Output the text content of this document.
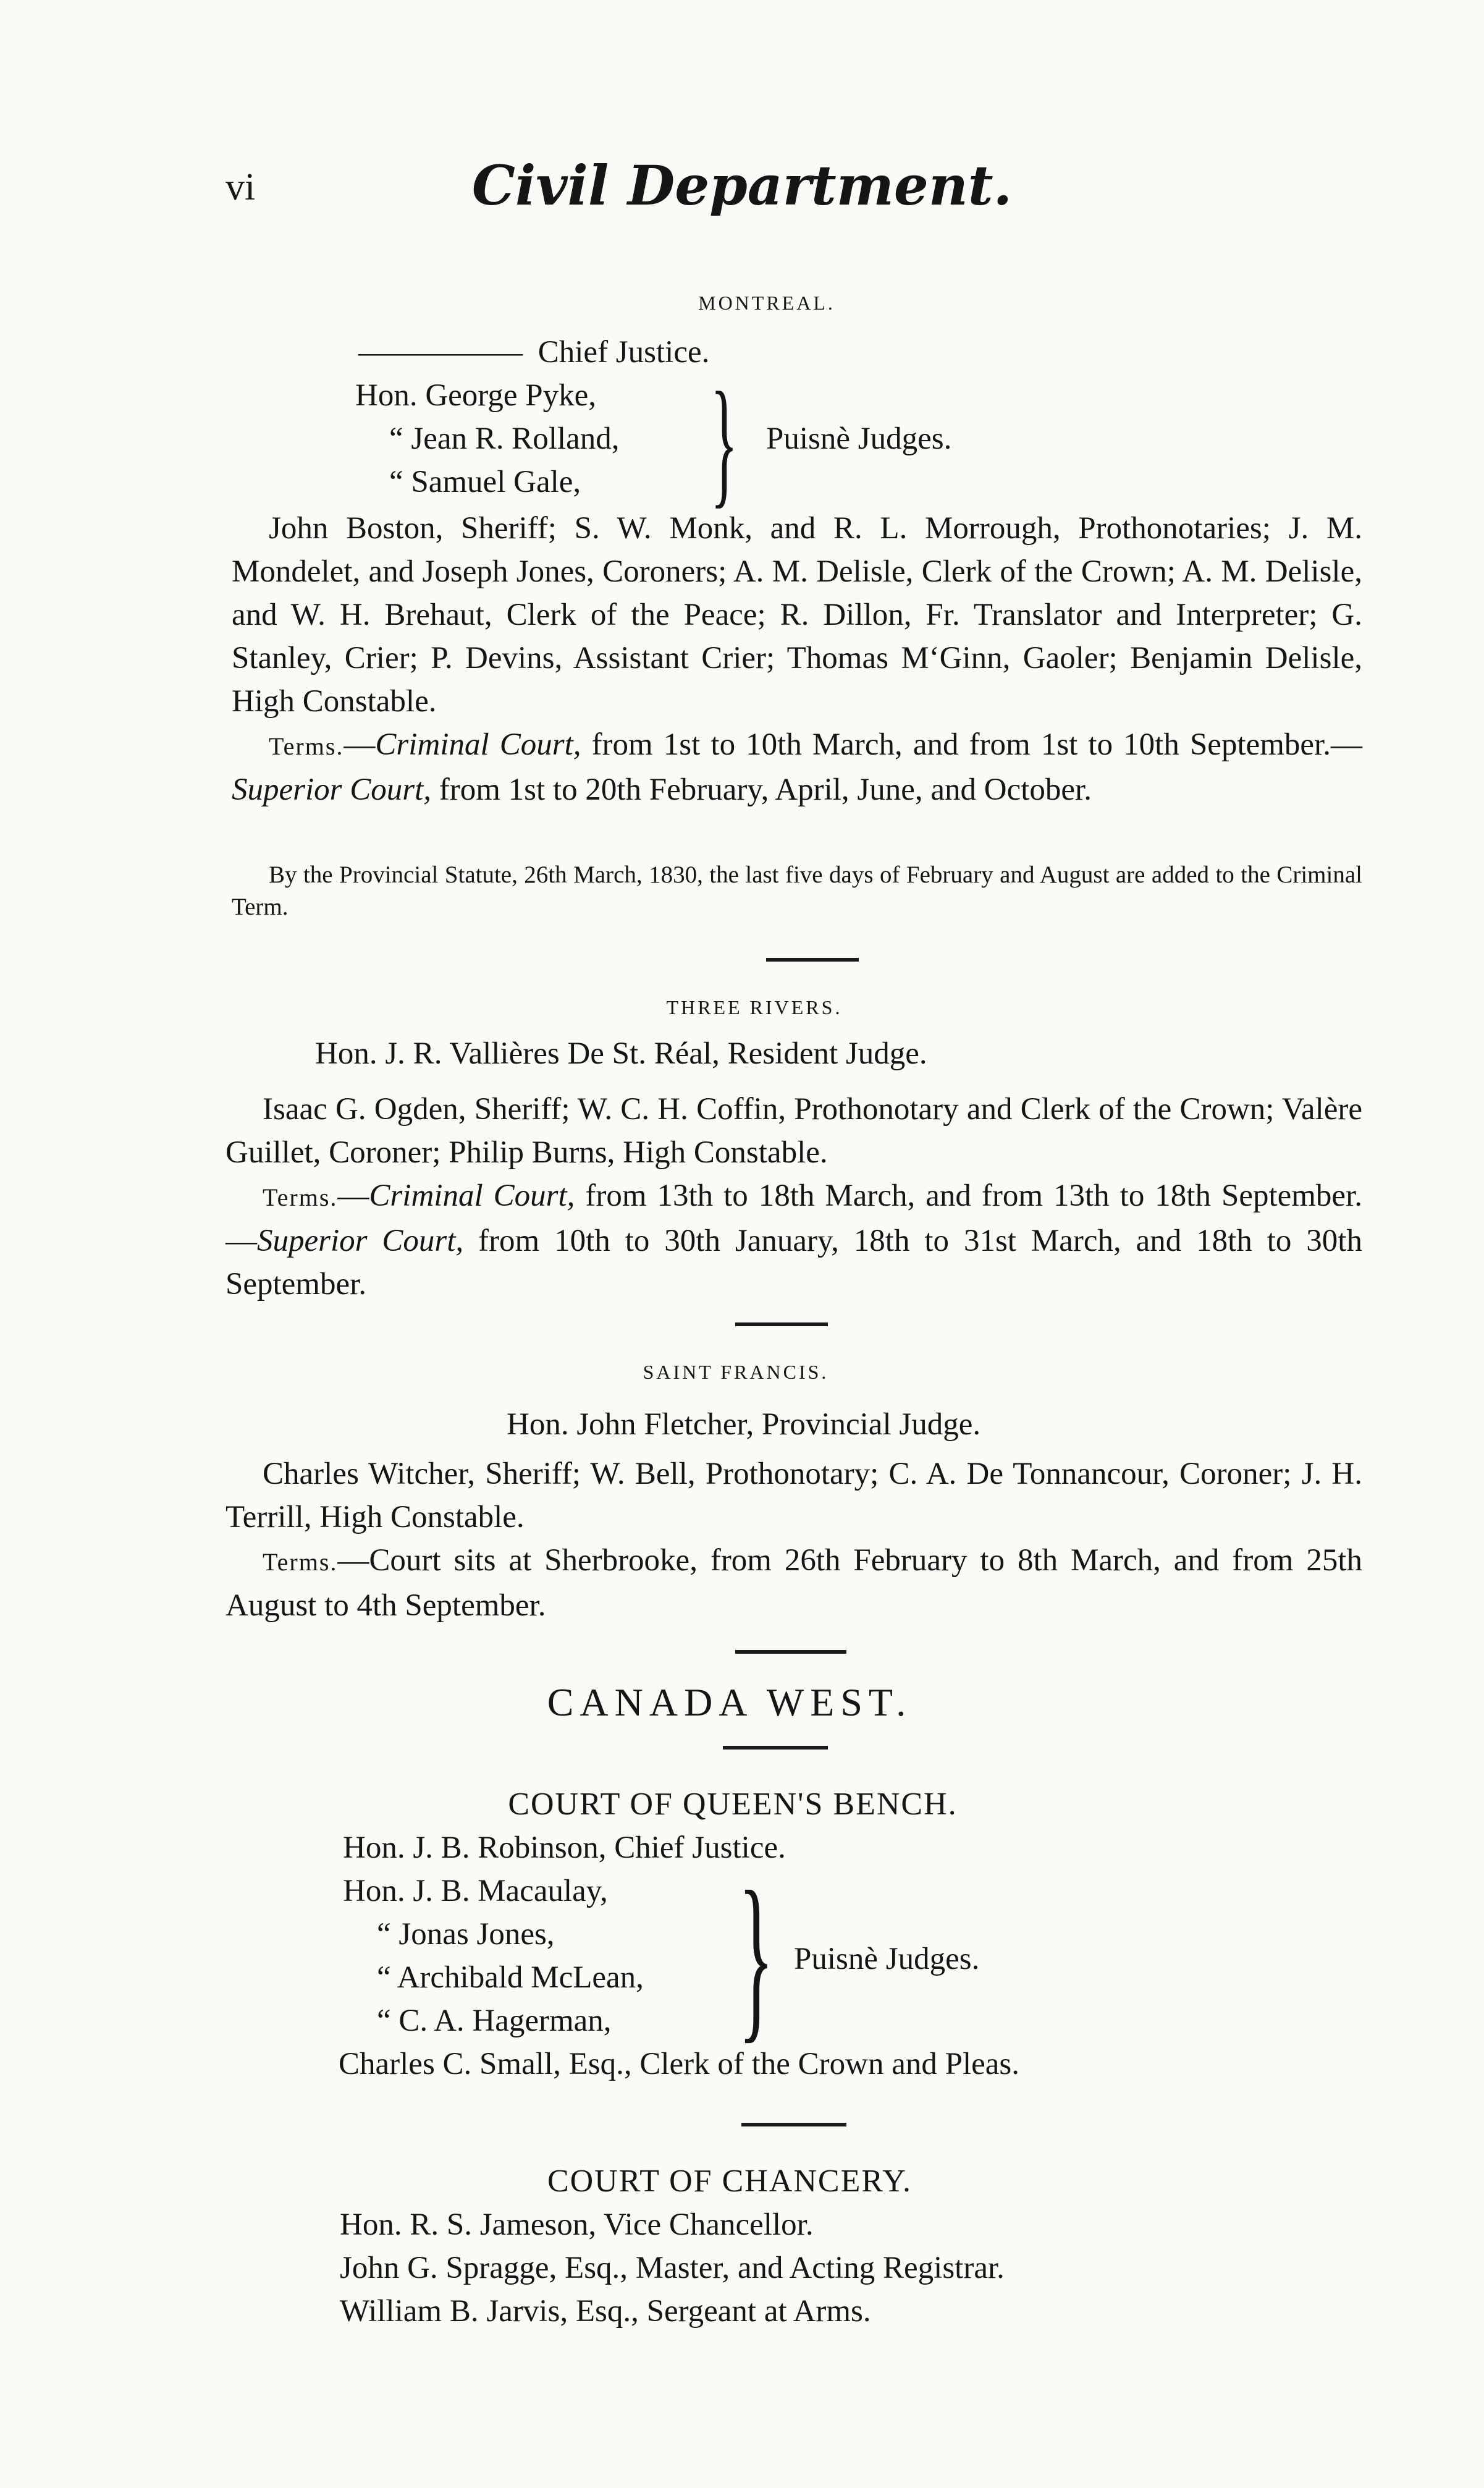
vi	Civil Department.
MONTREAL.
—————— Chief Justice.
Hon. George Pyke,
“ Jean R. Rolland,
“ Samuel Gale, } Puisnè Judges.

John Boston, Sheriff; S. W. Monk, and R. L. Morrough, Prothonotaries; J. M. Mondelet, and Joseph Jones, Coroners; A. M. Delisle, Clerk of the Crown; A. M. Delisle, and W. H. Brehaut, Clerk of the Peace; R. Dillon, Fr. Translator and Interpreter; G. Stanley, Crier; P. Devins, Assistant Crier; Thomas M‘Ginn, Gaoler; Benjamin Delisle, High Constable.

Terms.—Criminal Court, from 1st to 10th March, and from 1st to 10th September.—Superior Court, from 1st to 20th February, April, June, and October.

By the Provincial Statute, 26th March, 1830, the last five days of February and August are added to the Criminal Term.

THREE RIVERS.
Hon. J. R. Vallières De St. Réal, Resident Judge.

Isaac G. Ogden, Sheriff; W. C. H. Coffin, Prothonotary and Clerk of the Crown; Valère Guillet, Coroner; Philip Burns, High Constable.

Terms.—Criminal Court, from 13th to 18th March, and from 13th to 18th September.—Superior Court, from 10th to 30th January, 18th to 31st March, and 18th to 30th September.

SAINT FRANCIS.
Hon. John Fletcher, Provincial Judge.

Charles Witcher, Sheriff; W. Bell, Prothonotary; C. A. De Tonnancour, Coroner; J. H. Terrill, High Constable.

Terms.—Court sits at Sherbrooke, from 26th February to 8th March, and from 25th August to 4th September.

CANADA WEST.
COURT OF QUEEN'S BENCH.
Hon. J. B. Robinson, Chief Justice.
Hon. J. B. Macaulay,
“ Jonas Jones,
“ Archibald McLean,
“ C. A. Hagerman, } Puisnè Judges.
Charles C. Small, Esq., Clerk of the Crown and Pleas.
COURT OF CHANCERY.
Hon. R. S. Jameson, Vice Chancellor.
John G. Spragge, Esq., Master, and Acting Registrar.
William B. Jarvis, Esq., Sergeant at Arms.
